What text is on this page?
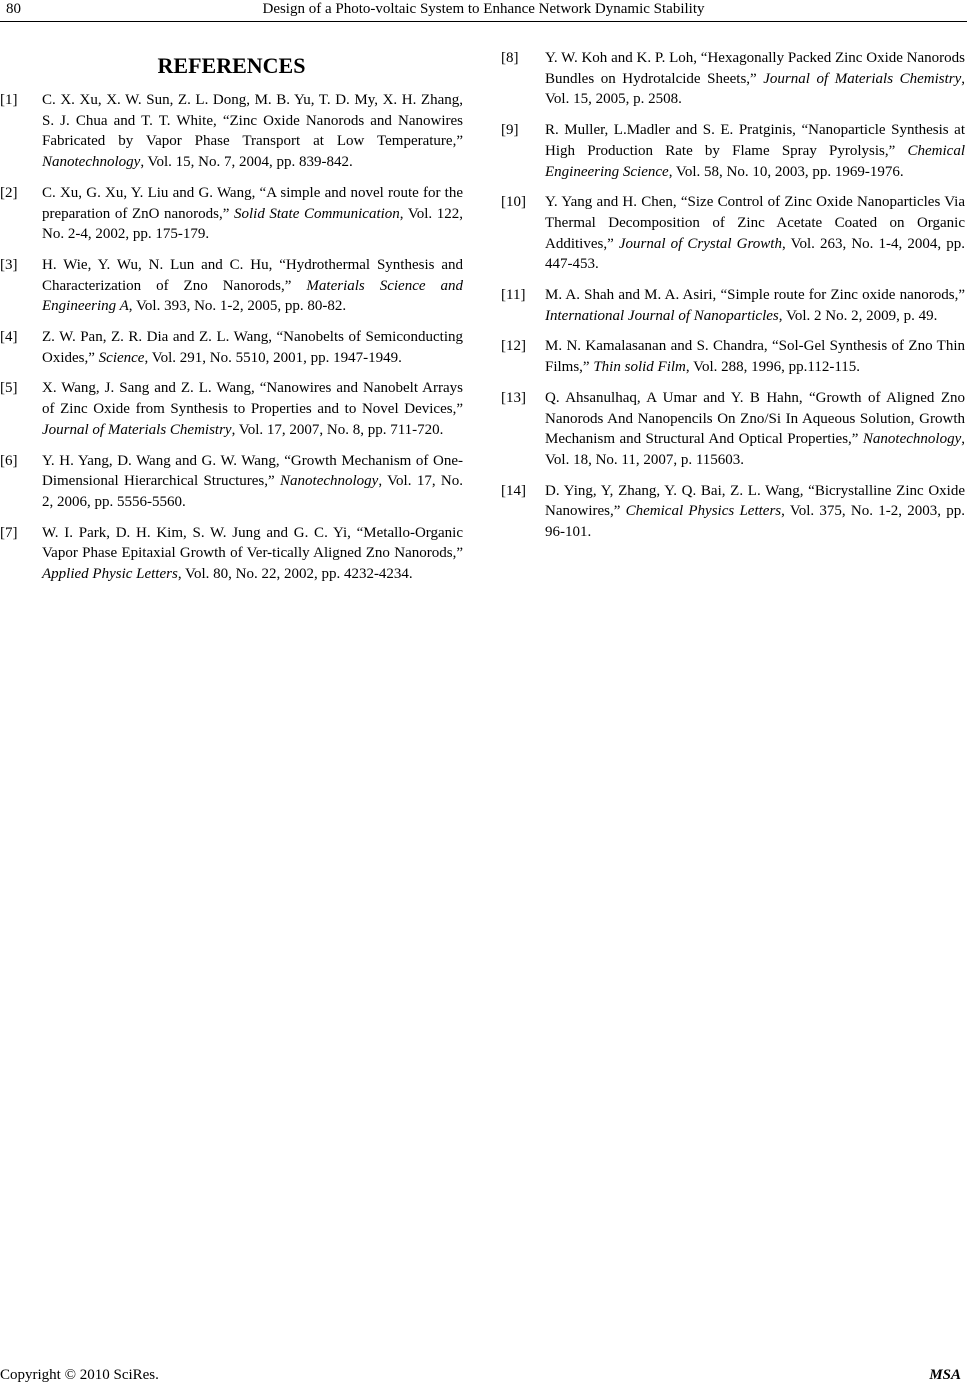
80	Design of a Photo-voltaic System to Enhance Network Dynamic Stability
REFERENCES
[1]	C. X. Xu, X. W. Sun, Z. L. Dong, M. B. Yu, T. D. My, X. H. Zhang, S. J. Chua and T. T. White, “Zinc Oxide Nanorods and Nanowires Fabricated by Vapor Phase Transport at Low Temperature,” Nanotechnology, Vol. 15, No. 7, 2004, pp. 839-842.
[2]	C. Xu, G. Xu, Y. Liu and G. Wang, “A simple and novel route for the preparation of ZnO nanorods,” Solid State Communication, Vol. 122, No. 2-4, 2002, pp. 175-179.
[3]	H. Wie, Y. Wu, N. Lun and C. Hu, “Hydrothermal Synthesis and Characterization of Zno Nanorods,” Materials Science and Engineering A, Vol. 393, No. 1-2, 2005, pp. 80-82.
[4]	Z. W. Pan, Z. R. Dia and Z. L. Wang, “Nanobelts of Semiconducting Oxides,” Science, Vol. 291, No. 5510, 2001, pp. 1947-1949.
[5]	X. Wang, J. Sang and Z. L. Wang, “Nanowires and Nanobelt Arrays of Zinc Oxide from Synthesis to Properties and to Novel Devices,” Journal of Materials Chemistry, Vol. 17, 2007, No. 8, pp. 711-720.
[6]	Y. H. Yang, D. Wang and G. W. Wang, “Growth Mechanism of One-Dimensional Hierarchical Structures,” Nanotechnology, Vol. 17, No. 2, 2006, pp. 5556-5560.
[7]	W. I. Park, D. H. Kim, S. W. Jung and G. C. Yi, “Metallo-Organic Vapor Phase Epitaxial Growth of Ver-tically Aligned Zno Nanorods,” Applied Physic Letters, Vol. 80, No. 22, 2002, pp. 4232-4234.
[8]	Y. W. Koh and K. P. Loh, “Hexagonally Packed Zinc Oxide Nanorods Bundles on Hydrotalcide Sheets,” Journal of Materials Chemistry, Vol. 15, 2005, p. 2508.
[9]	R. Muller, L.Madler and S. E. Pratginis, “Nanoparticle Synthesis at High Production Rate by Flame Spray Pyrolysis,” Chemical Engineering Science, Vol. 58, No. 10, 2003, pp. 1969-1976.
[10]	Y. Yang and H. Chen, “Size Control of Zinc Oxide Nanoparticles Via Thermal Decomposition of Zinc Acetate Coated on Organic Additives,” Journal of Crystal Growth, Vol. 263, No. 1-4, 2004, pp. 447-453.
[11]	M. A. Shah and M. A. Asiri, “Simple route for Zinc oxide nanorods,” International Journal of Nanoparticles, Vol. 2 No. 2, 2009, p. 49.
[12]	M. N. Kamalasanan and S. Chandra, “Sol-Gel Synthesis of Zno Thin Films,” Thin solid Film, Vol. 288, 1996, pp.112-115.
[13]	Q. Ahsanulhaq, A Umar and Y. B Hahn, “Growth of Aligned Zno Nanorods And Nanopencils On Zno/Si In Aqueous Solution, Growth Mechanism and Structural And Optical Properties,” Nanotechnology, Vol. 18, No. 11, 2007, p. 115603.
[14]	D. Ying, Y, Zhang, Y. Q. Bai, Z. L. Wang, “Bicrystalline Zinc Oxide Nanowires,” Chemical Physics Letters, Vol. 375, No. 1-2, 2003, pp. 96-101.
Copyright © 2010 SciRes.	MSA
